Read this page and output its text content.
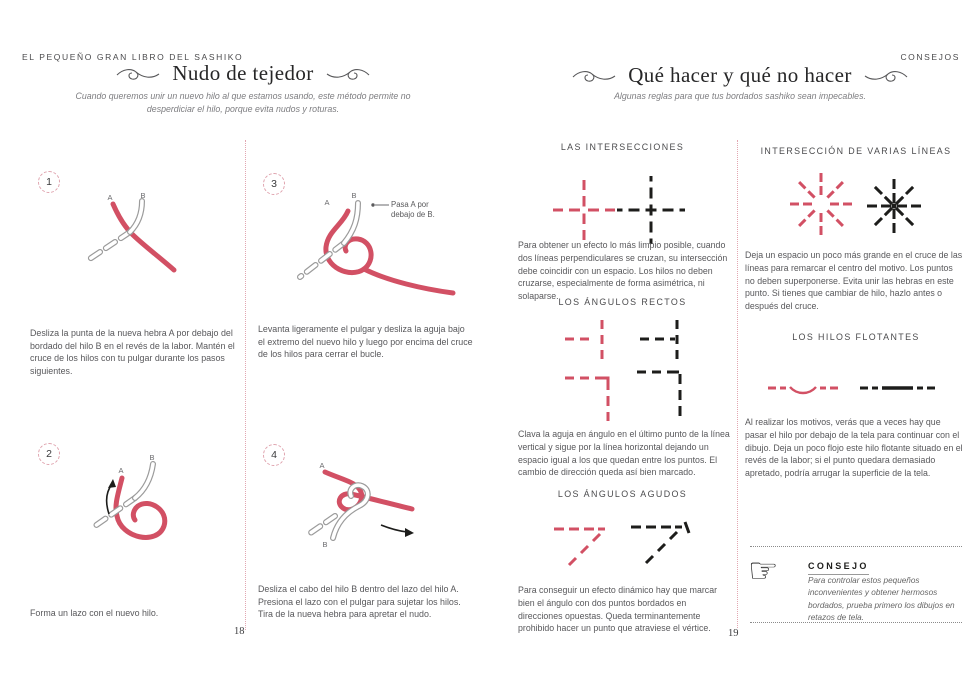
EL PEQUEÑO GRAN LIBRO DEL SASHIKO
Nudo de tejedor
Cuando queremos unir un nuevo hilo al que estamos usando, este método permite no desperdiciar el hilo, porque evita nudos y roturas.
1
A	B
Desliza la punta de la nueva hebra A por debajo del bordado del hilo B en el revés de la labor. Mantén el cruce de los hilos con tu pulgar durante los pasos siguientes.
2
A
B
Forma un lazo con el nuevo hilo.
3
A
B
Pasa A por debajo de B.
Levanta ligeramente el pulgar y desliza la aguja bajo el extremo del nuevo hilo y luego por encima del cruce de los hilos para cerrar el bucle.
4
A
B
Desliza el cabo del hilo B dentro del lazo del hilo A. Presiona el lazo con el pulgar para sujetar los hilos. Tira de la nueva hebra para apretar el nudo.
18
CONSEJOS
Qué hacer y qué no hacer
Algunas reglas para que tus bordados sashiko sean impecables.
LAS INTERSECCIONES
Para obtener un efecto lo más limpio posible, cuando dos líneas perpendiculares se cruzan, su intersección debe coincidir con un espacio. Los hilos no deben cruzarse, especialmente de forma asimétrica, ni solaparse.
LOS ÁNGULOS RECTOS
Clava la aguja en ángulo en el último punto de la línea vertical y sigue por la línea horizontal dejando un espacio igual a los que quedan entre los puntos. El cambio de dirección queda así bien marcado.
LOS ÁNGULOS AGUDOS
Para conseguir un efecto dinámico hay que marcar bien el ángulo con dos puntos bordados en direcciones opuestas. Queda terminantemente prohibido hacer un punto que atraviese el vértice.
INTERSECCIÓN DE VARIAS LÍNEAS
Deja un espacio un poco más grande en el cruce de las líneas para remarcar el centro del motivo. Los puntos no deben superponerse. Evita unir las hebras en este punto. Si tienes que cambiar de hilo, hazlo antes o después del cruce.
LOS HILOS FLOTANTES
Al realizar los motivos, verás que a veces hay que pasar el hilo por debajo de la tela para continuar con el dibujo. Deja un poco flojo este hilo flotante situado en el revés de la labor; si el punto quedara demasiado apretado, podría arrugar la superficie de la tela.
☞	CONSEJO
Para controlar estos pequeños inconvenientes y obtener hermosos bordados, prueba primero los dibujos en retazos de tela.
19
